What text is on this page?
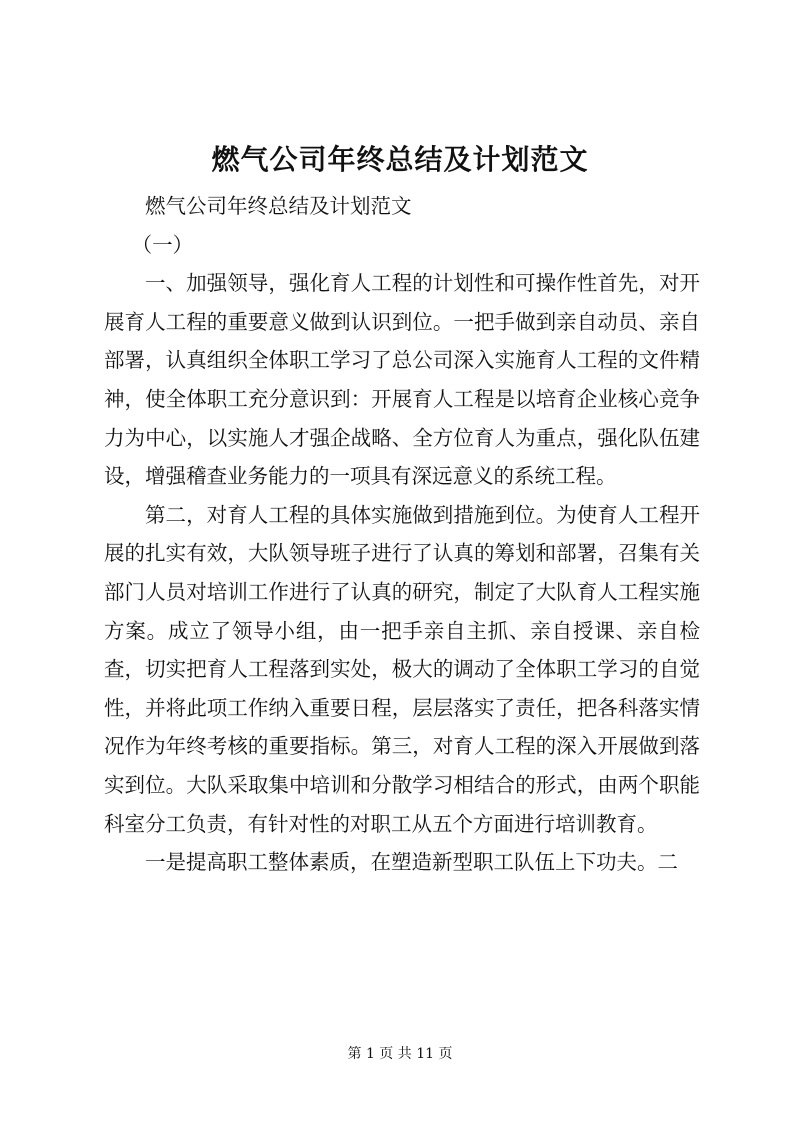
燃气公司年终总结及计划范文

燃气公司年终总结及计划范文

（一）

一、加强领导，强化育人工程的计划性和可操作性首先，对开展育人工程的重要意义做到认识到位。一把手做到亲自动员、亲自部署，认真组织全体职工学习了总公司深入实施育人工程的文件精神，使全体职工充分意识到：开展育人工程是以培育企业核心竞争力为中心，以实施人才强企战略、全方位育人为重点，强化队伍建设，增强稽查业务能力的一项具有深远意义的系统工程。

第二，对育人工程的具体实施做到措施到位。为使育人工程开展的扎实有效，大队领导班子进行了认真的筹划和部署，召集有关部门人员对培训工作进行了认真的研究，制定了大队育人工程实施方案。成立了领导小组，由一把手亲自主抓、亲自授课、亲自检查，切实把育人工程落到实处，极大的调动了全体职工学习的自觉性，并将此项工作纳入重要日程，层层落实了责任，把各科落实情况作为年终考核的重要指标。第三，对育人工程的深入开展做到落实到位。大队采取集中培训和分散学习相结合的形式，由两个职能科室分工负责，有针对性的对职工从五个方面进行培训教育。

一是提高职工整体素质，在塑造新型职工队伍上下功夫。二

第 1 页 共 11 页
